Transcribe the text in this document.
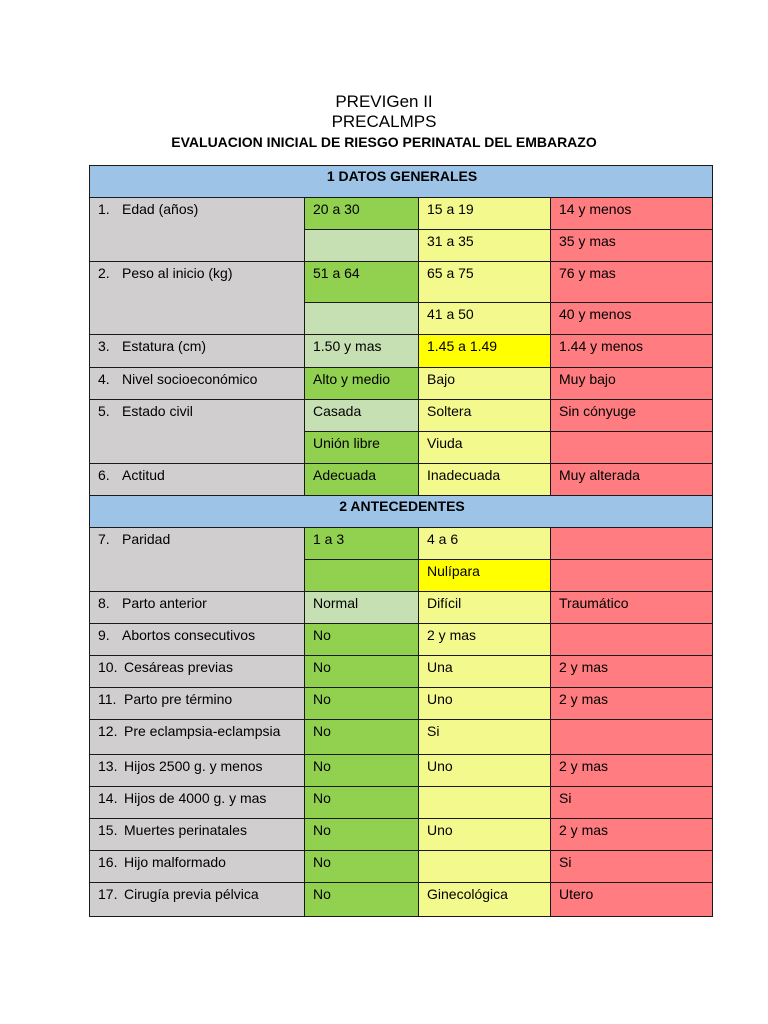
PREVIGen II
PRECALMPS
EVALUACION INICIAL DE RIESGO PERINATAL DEL EMBARAZO
1 DATOS GENERALES			

1. Edad (años)	20 a 30	15 a 19	14 y menos

		31 a 35	35 y mas

2. Peso al inicio (kg)	51 a 64	65 a 75	76 y mas

		41 a 50	40 y menos

3. Estatura (cm)	1.50 y mas	1.45 a 1.49	1.44 y menos

4. Nivel socioeconómico	Alto y medio	Bajo	Muy bajo

5. Estado civil	Casada	Soltera	Sin cónyuge

	Unión libre	Viuda	

6. Actitud	Adecuada	Inadecuada	Muy alterada

2 ANTECEDENTES			

7. Paridad	1 a 3	4 a 6	

		Nulípara	

8. Parto anterior	Normal	Difícil	Traumático

9. Abortos consecutivos	No	2 y mas	

10. Cesáreas previas	No	Una	2 y mas

11. Parto pre término	No	Uno	2 y mas

12. Pre eclampsia-eclampsia	No	Si	

13. Hijos 2500 g. y menos	No	Uno	2 y mas

14. Hijos de 4000 g. y mas	No		Si

15. Muertes perinatales	No	Uno	2 y mas

16. Hijo malformado	No		Si

17. Cirugía previa pélvica	No	Ginecológica	Utero
